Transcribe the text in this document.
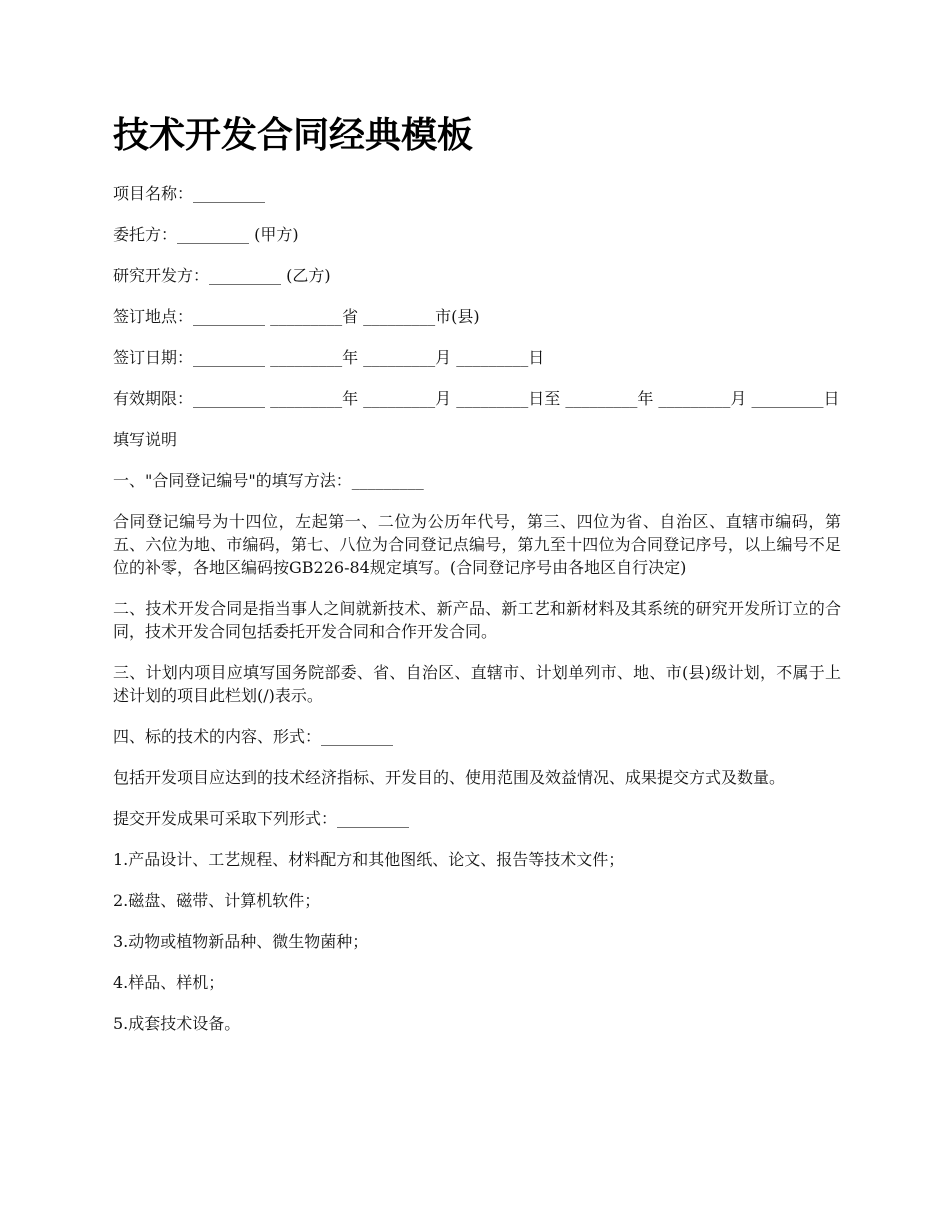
技术开发合同经典模板

项目名称：_________

委托方：_________ (甲方)

研究开发方：_________ (乙方)

签订地点：_________ _________省 _________市(县)

签订日期：_________ _________年 _________月 _________日

有效期限：_________ _________年 _________月 _________日至 _________年 _________月 _________日

填写说明

一、"合同登记编号"的填写方法：_________

合同登记编号为十四位，左起第一、二位为公历年代号，第三、四位为省、自治区、直辖市编码，第五、六位为地、市编码，第七、八位为合同登记点编号，第九至十四位为合同登记序号，以上编号不足位的补零，各地区编码按GB226-84规定填写。(合同登记序号由各地区自行决定)

二、技术开发合同是指当事人之间就新技术、新产品、新工艺和新材料及其系统的研究开发所订立的合同，技术开发合同包括委托开发合同和合作开发合同。

三、计划内项目应填写国务院部委、省、自治区、直辖市、计划单列市、地、市(县)级计划，不属于上述计划的项目此栏划(/)表示。

四、标的技术的内容、形式：_________

包括开发项目应达到的技术经济指标、开发目的、使用范围及效益情况、成果提交方式及数量。

提交开发成果可采取下列形式：_________

1.产品设计、工艺规程、材料配方和其他图纸、论文、报告等技术文件；

2.磁盘、磁带、计算机软件；

3.动物或植物新品种、微生物菌种；

4.样品、样机；

5.成套技术设备。
